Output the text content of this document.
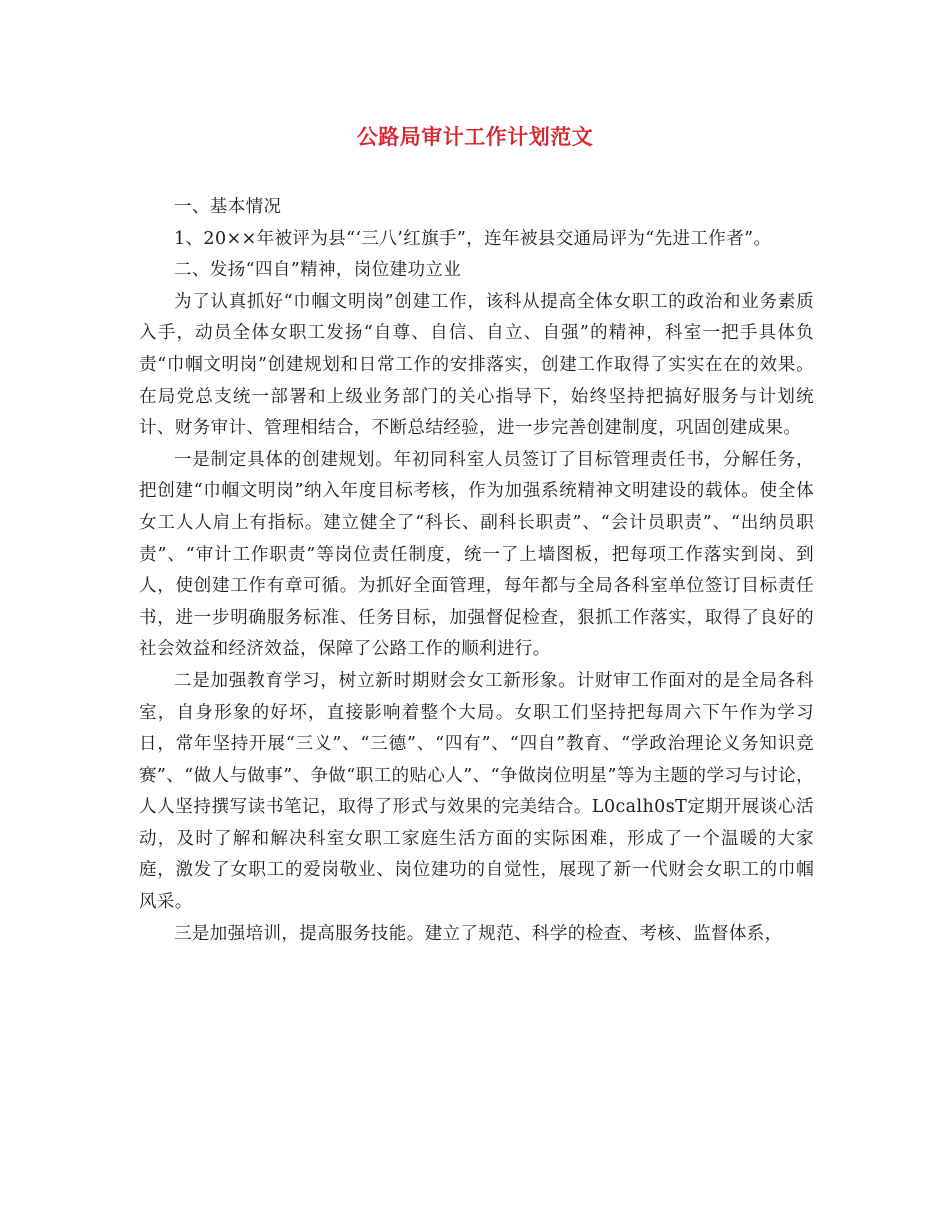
公路局审计工作计划范文

一、基本情况

1、20××年被评为县“‘三八’红旗手”，连年被县交通局评为“先进工作者”。

二、发扬“四自”精神，岗位建功立业

为了认真抓好“巾帼文明岗”创建工作，该科从提高全体女职工的政治和业务素质入手，动员全体女职工发扬“自尊、自信、自立、自强”的精神，科室一把手具体负责“巾帼文明岗”创建规划和日常工作的安排落实，创建工作取得了实实在在的效果。在局党总支统一部署和上级业务部门的关心指导下，始终坚持把搞好服务与计划统计、财务审计、管理相结合，不断总结经验，进一步完善创建制度，巩固创建成果。

一是制定具体的创建规划。年初同科室人员签订了目标管理责任书，分解任务，把创建“巾帼文明岗”纳入年度目标考核，作为加强系统精神文明建设的载体。使全体女工人人肩上有指标。建立健全了“科长、副科长职责”、“会计员职责”、“出纳员职责”、“审计工作职责”等岗位责任制度，统一了上墙图板，把每项工作落实到岗、到人，使创建工作有章可循。为抓好全面管理，每年都与全局各科室单位签订目标责任书，进一步明确服务标准、任务目标，加强督促检查，狠抓工作落实，取得了良好的社会效益和经济效益，保障了公路工作的顺利进行。

二是加强教育学习，树立新时期财会女工新形象。计财审工作面对的是全局各科室，自身形象的好坏，直接影响着整个大局。女职工们坚持把每周六下午作为学习日，常年坚持开展“三义”、“三德”、“四有”、“四自”教育、“学政治理论义务知识竞赛”、“做人与做事”、争做“职工的贴心人”、“争做岗位明星”等为主题的学习与讨论，人人坚持撰写读书笔记，取得了形式与效果的完美结合。L0calh0sT定期开展谈心活动，及时了解和解决科室女职工家庭生活方面的实际困难，形成了一个温暖的大家庭，激发了女职工的爱岗敬业、岗位建功的自觉性，展现了新一代财会女职工的巾帼风采。

三是加强培训，提高服务技能。建立了规范、科学的检查、考核、监督体系，
